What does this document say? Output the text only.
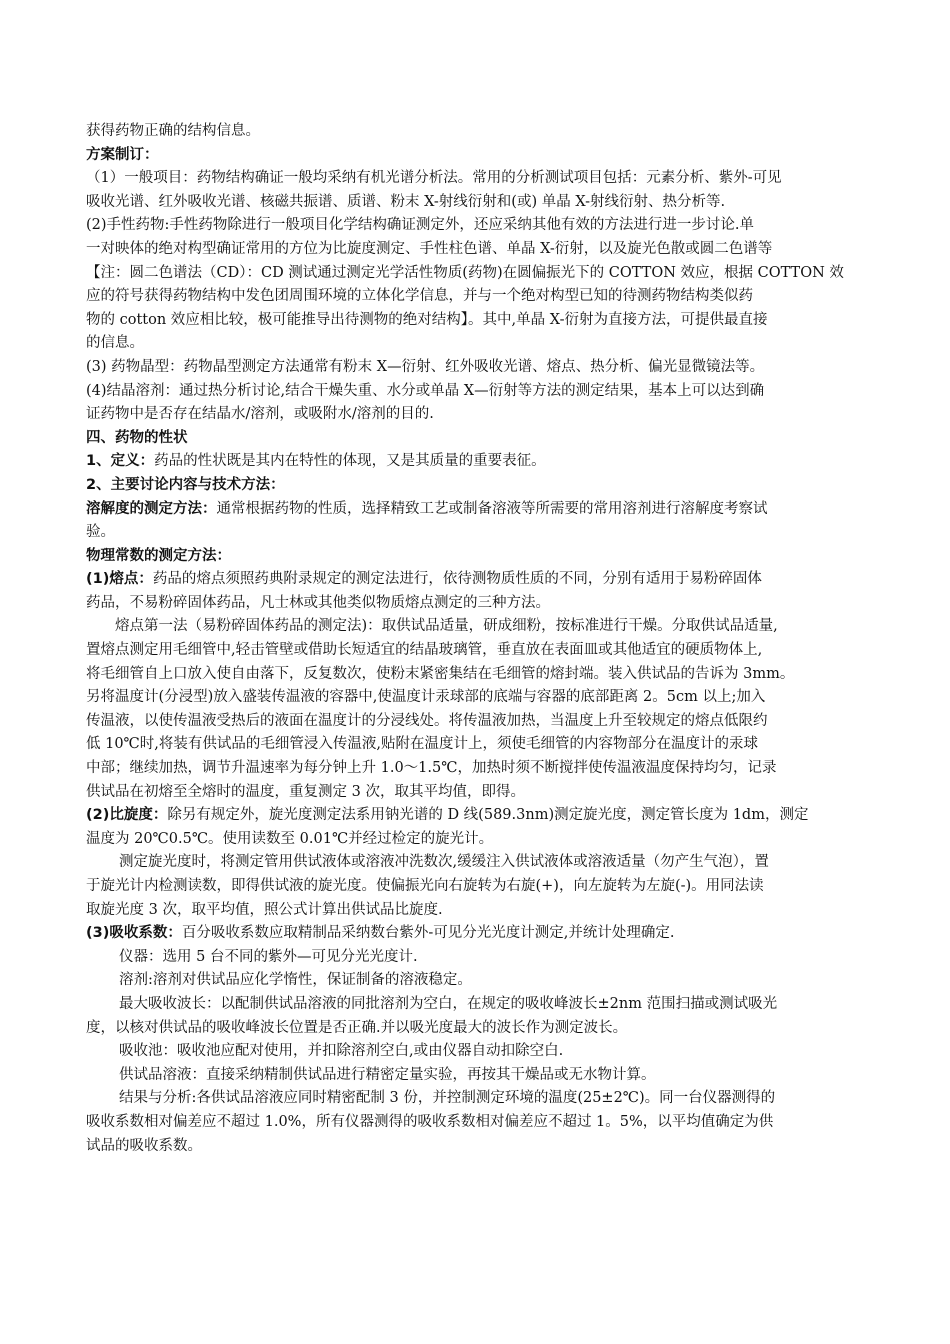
获得药物正确的结构信息。
方案制订：
（1）一般项目：药物结构确证一般均采纳有机光谱分析法。常用的分析测试项目包括：元素分析、紫外-可见
吸收光谱、红外吸收光谱、核磁共振谱、质谱、粉末 X-射线衍射和(或) 单晶 X-射线衍射、热分析等.
(2)手性药物:手性药物除进行一般项目化学结构确证测定外，还应采纳其他有效的方法进行进一步讨论.单
一对映体的绝对构型确证常用的方位为比旋度测定、手性柱色谱、单晶 X-衍射，以及旋光色散或圆二色谱等
【注：圆二色谱法（CD）：CD 测试通过测定光学活性物质(药物)在圆偏振光下的 COTTON 效应，根据 COTTON 效
应的符号获得药物结构中发色团周围环境的立体化学信息，并与一个绝对构型已知的待测药物结构类似药
物的 cotton 效应相比较，极可能推导出待测物的绝对结构】。其中,单晶 X-衍射为直接方法，可提供最直接
的信息。
(3) 药物晶型：药物晶型测定方法通常有粉末 X—衍射、红外吸收光谱、熔点、热分析、偏光显微镜法等。
(4)结晶溶剂：通过热分析讨论,结合干燥失重、水分或单晶 X—衍射等方法的测定结果，基本上可以达到确
证药物中是否存在结晶水/溶剂，或吸附水/溶剂的目的.
四、药物的性状
1、定义：药品的性状既是其内在特性的体现，又是其质量的重要表征。
2、主要讨论内容与技术方法：
溶解度的测定方法：通常根据药物的性质，选择精致工艺或制备溶液等所需要的常用溶剂进行溶解度考察试
验。
物理常数的测定方法：
(1)熔点：药品的熔点须照药典附录规定的测定法进行，依待测物质性质的不同，分别有适用于易粉碎固体
药品，不易粉碎固体药品，凡士林或其他类似物质熔点测定的三种方法。
熔点第一法（易粉碎固体药品的测定法)：取供试品适量，研成细粉，按标准进行干燥。分取供试品适量,
置熔点测定用毛细管中,轻击管壁或借助长短适宜的结晶玻璃管，垂直放在表面皿或其他适宜的硬质物体上,
将毛细管自上口放入使自由落下，反复数次，使粉末紧密集结在毛细管的熔封端。装入供试品的告诉为 3mm。
另将温度计(分浸型)放入盛装传温液的容器中,使温度计汞球部的底端与容器的底部距离 2。5cm 以上;加入
传温液，以使传温液受热后的液面在温度计的分浸线处。将传温液加热，当温度上升至较规定的熔点低限约
低 10℃时,将装有供试品的毛细管浸入传温液,贴附在温度计上，须使毛细管的内容物部分在温度计的汞球
中部；继续加热，调节升温速率为每分钟上升 1.0～1.5℃，加热时须不断搅拌使传温液温度保持均匀，记录
供试品在初熔至全熔时的温度，重复测定 3 次，取其平均值，即得。
(2)比旋度：除另有规定外，旋光度测定法系用钠光谱的 D 线(589.3nm)测定旋光度，测定管长度为 1dm，测定
温度为 20℃0.5℃。使用读数至 0.01℃并经过检定的旋光计。
测定旋光度时，将测定管用供试液体或溶液冲洗数次,缓缓注入供试液体或溶液适量（勿产生气泡），置
于旋光计内检测读数，即得供试液的旋光度。使偏振光向右旋转为右旋(+)，向左旋转为左旋(-)。用同法读
取旋光度 3 次，取平均值，照公式计算出供试品比旋度.
(3)吸收系数：百分吸收系数应取精制品采纳数台紫外-可见分光光度计测定,并统计处理确定.
仪器：选用 5 台不同的紫外—可见分光光度计.
溶剂:溶剂对供试品应化学惰性，保证制备的溶液稳定。
最大吸收波长：以配制供试品溶液的同批溶剂为空白，在规定的吸收峰波长±2nm 范围扫描或测试吸光
度，以核对供试品的吸收峰波长位置是否正确.并以吸光度最大的波长作为测定波长。
吸收池：吸收池应配对使用，并扣除溶剂空白,或由仪器自动扣除空白.
供试品溶液：直接采纳精制供试品进行精密定量实验，再按其干燥品或无水物计算。
结果与分析:各供试品溶液应同时精密配制 3 份，并控制测定环境的温度(25±2℃)。同一台仪器测得的
吸收系数相对偏差应不超过 1.0%，所有仪器测得的吸收系数相对偏差应不超过 1。5%，以平均值确定为供
试品的吸收系数。
